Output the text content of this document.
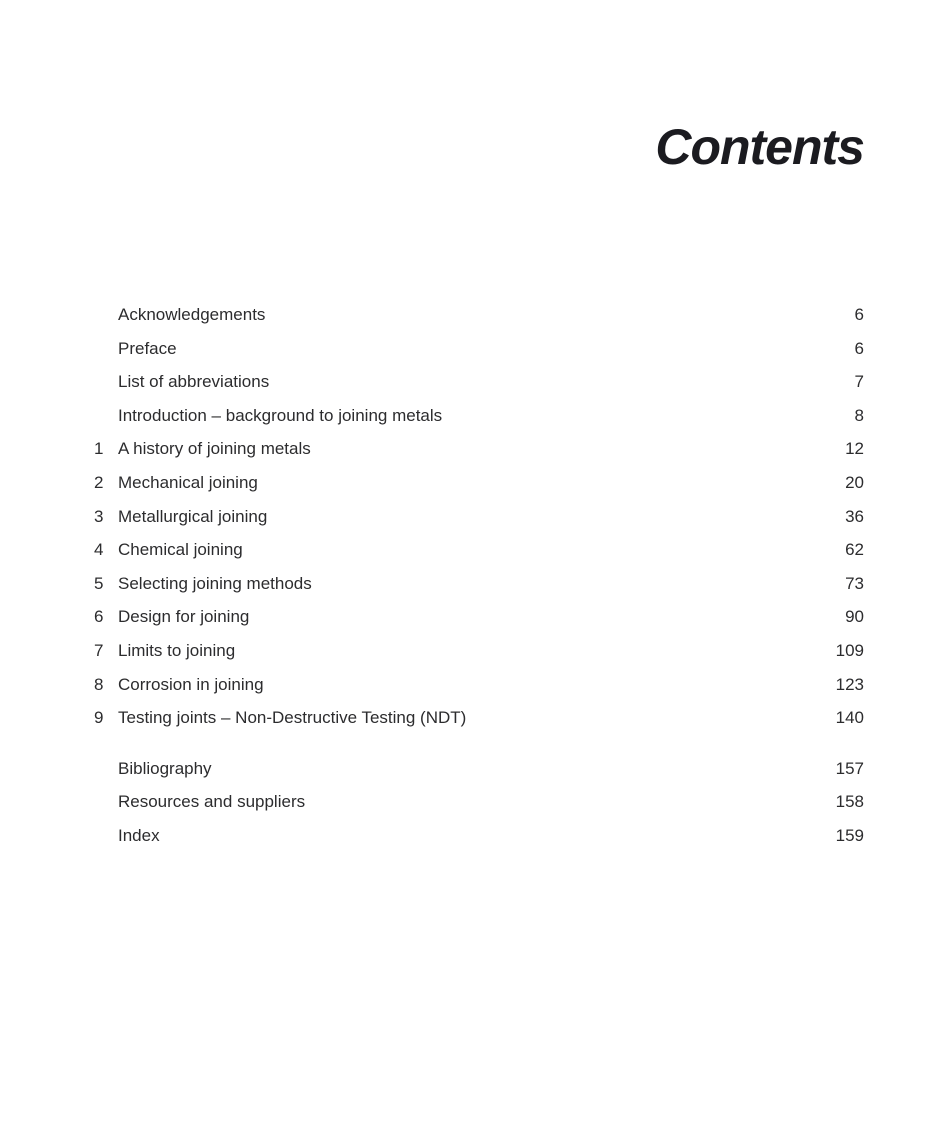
Contents
Acknowledgements	6
Preface	6
List of abbreviations	7
Introduction – background to joining metals	8
1 A history of joining metals	12
2 Mechanical joining	20
3 Metallurgical joining	36
4 Chemical joining	62
5 Selecting joining methods	73
6 Design for joining	90
7 Limits to joining	109
8 Corrosion in joining	123
9 Testing joints – Non-Destructive Testing (NDT)	140
Bibliography	157
Resources and suppliers	158
Index	159
